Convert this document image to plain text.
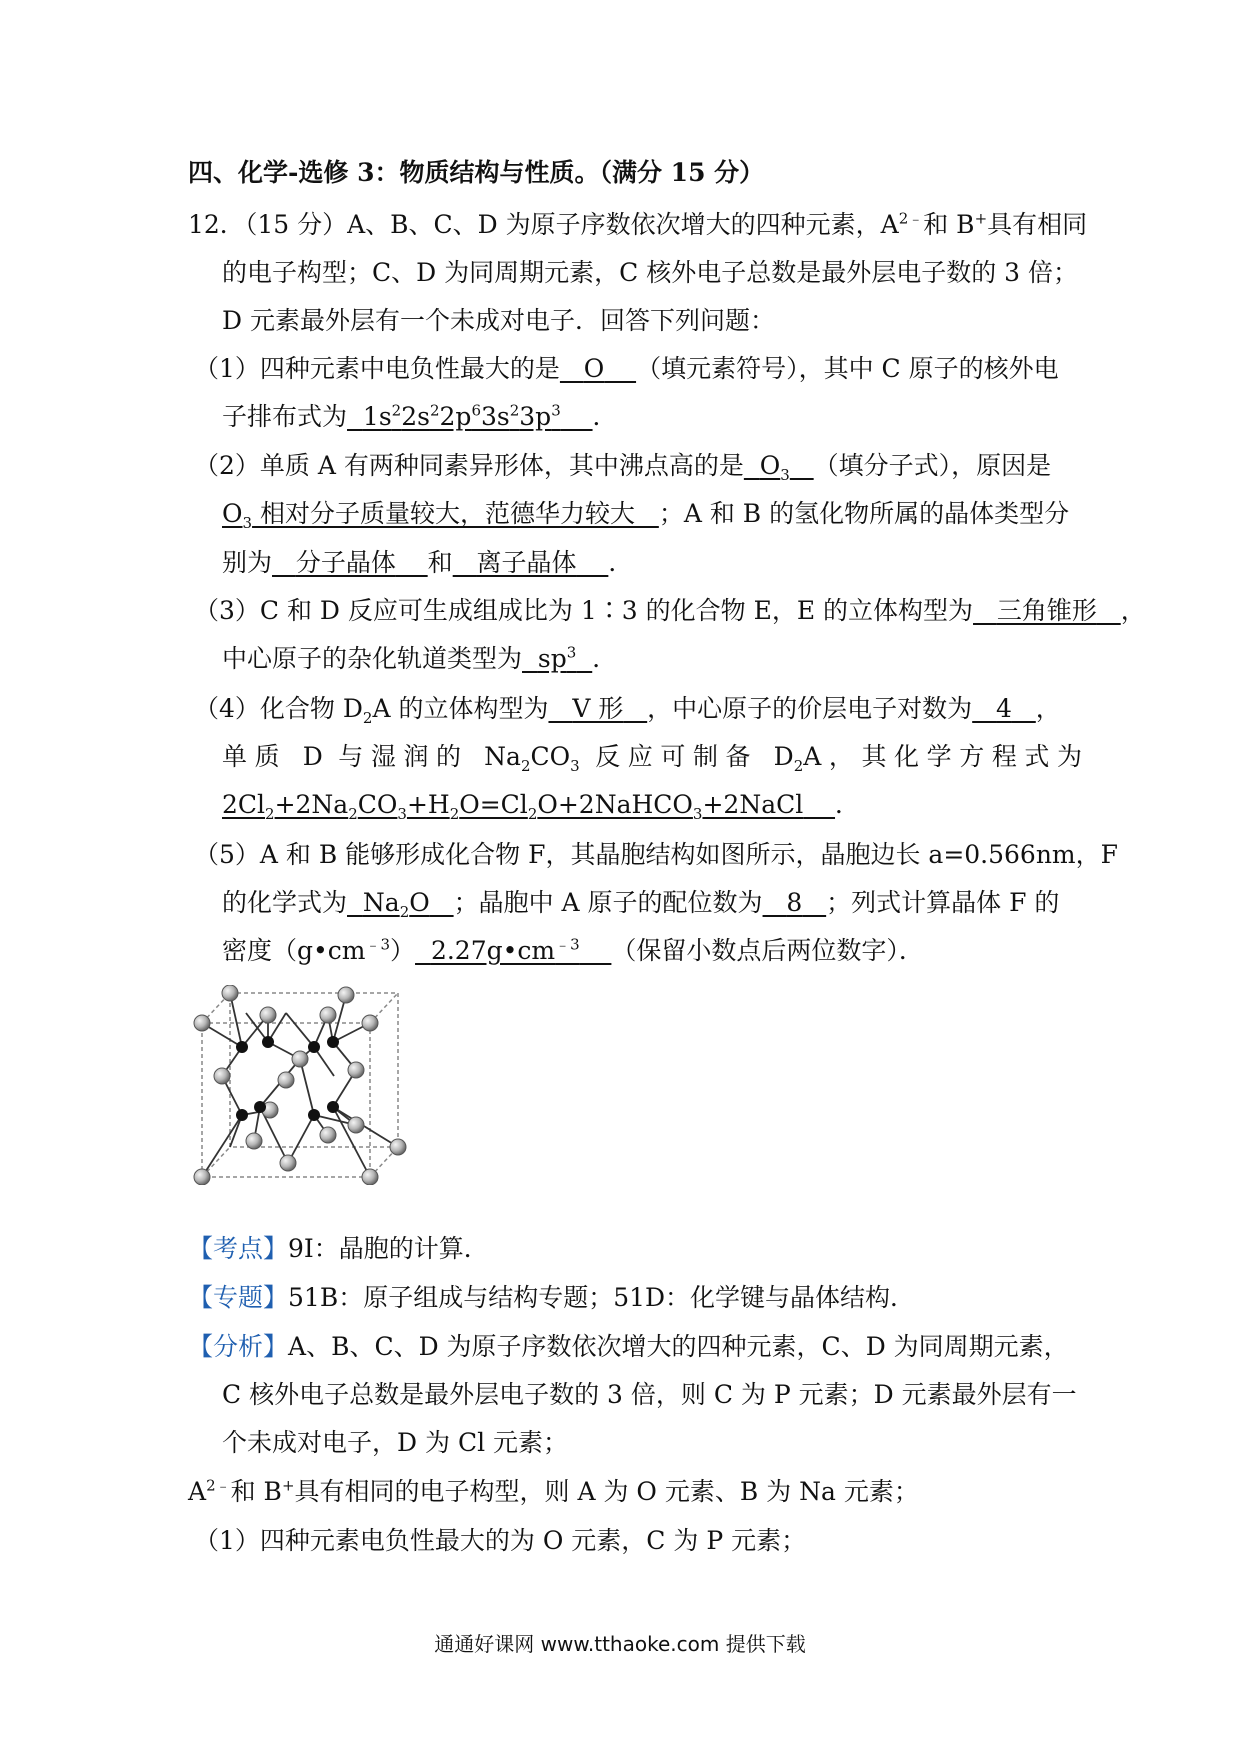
四、化学-选修 3：物质结构与性质。（满分 15 分）
12．（15 分）A、B、C、D 为原子序数依次增大的四种元素，$A^{2﹣}$和 B+具有相同
的电子构型；C、D 为同周期元素，C 核外电子总数是最外层电子数的 3 倍；
D 元素最外层有一个未成对电子．回答下列问题：
（1）四种元素中电负性最大的是 O （填元素符号），其中 C 原子的核外电
子排布式为 $1s^22s^22p^63s^23p^3$ ．
（2）单质 A 有两种同素异形体，其中沸点高的是 $O_3$ （填分子式），原因是
$O_3$ 相对分子质量较大，范德华力较大 ；A 和 B 的氢化物所属的晶体类型分
别为 分子晶体 和 离子晶体 ．
（3）C 和 D 反应可生成组成比为 1∶3 的化合物 E，E 的立体构型为 三角锥形 ，
中心原子的杂化轨道类型为 $sp^3$ ．
（4）化合物 $D_2A$ 的立体构型为 V 形 ，中心原子的价层电子对数为 4 ，
单质 D 与湿润的 $Na_2CO_3$ 反应可制备 $D_2A$，其化学方程式为
$2Cl_2+2Na_2CO_3+H_2O=Cl_2O+2NaHCO_3+2NaCl$ ．
（5）A 和 B 能够形成化合物 F，其晶胞结构如图所示，晶胞边长 a=0.566nm，F
的化学式为 $Na_2O$ ；晶胞中 A 原子的配位数为 8 ；列式计算晶体 F 的
密度$(g•cm^{﹣3})$ $2.27g•cm^{﹣3}$ （保留小数点后两位数字）．
【考点】9I：晶胞的计算．
【专题】51B：原子组成与结构专题；51D：化学键与晶体结构．
【分析】A、B、C、D 为原子序数依次增大的四种元素，C、D 为同周期元素，
C 核外电子总数是最外层电子数的 3 倍，则 C 为 P 元素；D 元素最外层有一
个未成对电子，D 为 Cl 元素；
$A^{2﹣}$和 B+具有相同的电子构型，则 A 为 O 元素、B 为 Na 元素；
（1）四种元素电负性最大的为 O 元素，C 为 P 元素；
通通好课网 www.tthaoke.com 提供下载
